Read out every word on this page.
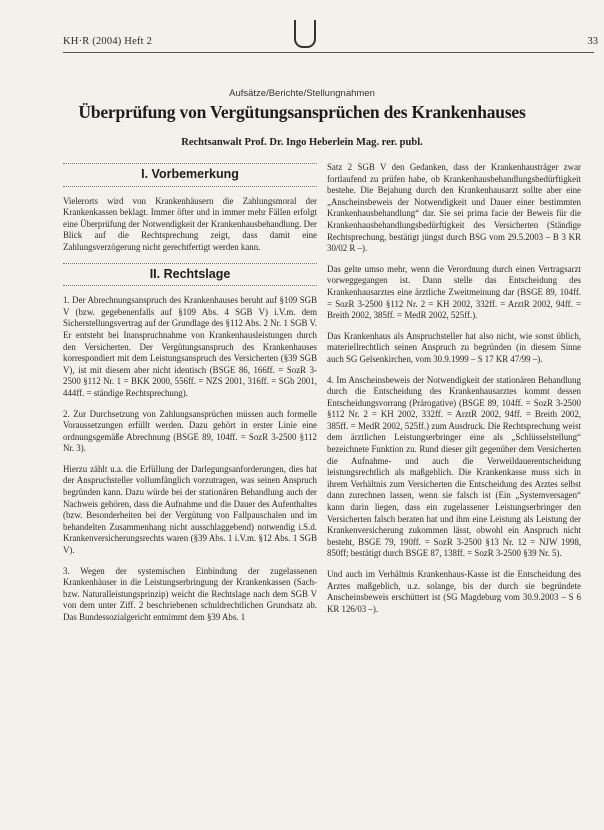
KH·R (2004) Heft 2	33
Aufsätze/Berichte/Stellungnahmen
Überprüfung von Vergütungsansprüchen des Krankenhauses
Rechtsanwalt Prof. Dr. Ingo Heberlein Mag. rer. publ.
I. Vorbemerkung

Vielerorts wird von Krankenhäusern die Zahlungsmoral der Krankenkassen beklagt. Immer öfter und in immer mehr Fällen erfolgt eine Überprüfung der Notwendigkeit der Krankenhausbehandlung. Der Blick auf die Rechtsprechung zeigt, dass damit eine Zahlungsverzögerung nicht gerechtfertigt werden kann.

II. Rechtslage

1. Der Abrechnungsanspruch des Krankenhauses beruht auf §109 SGB V (bzw. gegebenenfalls auf §109 Abs. 4 SGB V) i.V.m. dem Sicherstellungsvertrag auf der Grundlage des §112 Abs. 2 Nr. 1 SGB V. Er entsteht bei Inanspruchnahme von Krankenhausleistungen durch den Versicherten. Der Vergütungsanspruch des Krankenhauses korrespondiert mit dem Leistungsanspruch des Versicherten (§39 SGB V), ist mit diesem aber nicht identisch (BSGE 86, 166ff. = SozR 3-2500 §112 Nr. 1 = BKK 2000, 556ff. = NZS 2001, 316ff. = SGb 2001, 444ff. = ständige Rechtsprechung).

2. Zur Durchsetzung von Zahlungsansprüchen müssen auch formelle Voraussetzungen erfüllt werden. Dazu gehört in erster Linie eine ordnungsgemäße Abrechnung (BSGE 89, 104ff. = SozR 3-2500 §112 Nr. 3).

Hierzu zählt u.a. die Erfüllung der Darlegungsanforderungen, dies hat der Anspruchsteller vollumfänglich vorzutragen, was seinen Anspruch begründen kann. Dazu würde bei der stationären Behandlung auch der Nachweis gehören, dass die Aufnahme und die Dauer des Aufenthaltes (bzw. Besonderheiten bei der Vergütung von Fallpauschalen und im behandelten Zusammenhang nicht ausschlaggebend) notwendig i.S.d. Krankenversicherungsrechts waren (§39 Abs. 1 i.V.m. §12 Abs. 1 SGB V).

3. Wegen der systemischen Einbindung der zugelassenen Krankenhäuser in die Leistungserbringung der Krankenkassen (Sach- bzw. Naturalleistungsprinzip) weicht die Rechtslage nach dem SGB V von dem unter Ziff. 2 beschriebenen schuldrechtlichen Grundsatz ab. Das Bundessozialgericht entnimmt dem §39 Abs. 1

Satz 2 SGB V den Gedanken, dass der Krankenhausträger zwar fortlaufend zu prüfen habe, ob Krankenhausbehandlungsbedürftigkeit bestehe. Die Bejahung durch den Krankenhausarzt sollte aber eine „Anscheinsbeweis der Notwendigkeit und Dauer einer bestimmten Krankenhausbehandlung“ dar. Sie sei prima facie der Beweis für die Krankenhausbehandlungsbedürftigkeit des Versicherten (Ständige Rechtsprechung, bestätigt jüngst durch BSG vom 29.5.2003 – B 3 KR 30/02 R –).

Das gelte umso mehr, wenn die Verordnung durch einen Vertragsarzt vorweggegangen ist. Dann stelle das Entscheidung des Krankenhausarztes eine ärztliche Zweitmeinung dar (BSGE 89, 104ff. = SozR 3-2500 §112 Nr. 2 = KH 2002, 332ff. = ArztR 2002, 94ff. = Breith 2002, 385ff. = MedR 2002, 525ff.).

Das Krankenhaus als Anspruchsteller hat also nicht, wie sonst üblich, materiellrechtlich seinen Anspruch zu begründen (in diesem Sinne auch SG Gelsenkirchen, vom 30.9.1999 – S 17 KR 47/99 –).

4. Im Anscheinsbeweis der Notwendigkeit der stationären Behandlung durch die Entscheidung des Krankenhausarztes kommt dessen Entscheidungsvorrang (Prärogative) (BSGE 89, 104ff. = SozR 3-2500 §112 Nr. 2 = KH 2002, 332ff. = ArztR 2002, 94ff. = Breith 2002, 385ff. = MedR 2002, 525ff.) zum Ausdruck. Die Rechtsprechung weist dem ärztlichen Leistungserbringer eine als „Schlüsselstellung“ bezeichnete Funktion zu. Rund dieser gilt gegenüber dem Versicherten die Aufnahme- und auch die Verweildauerentscheidung leistungsrechtlich als maßgeblich. Die Krankenkasse muss sich in ihrem Verhältnis zum Versicherten die Entscheidung des Arztes selbst dann zurechnen lassen, wenn sie falsch ist (Ein „Systemversagen“ kann darin liegen, dass ein zugelassener Leistungserbringer den Versicherten falsch beraten hat und ihm eine Leistung als Leistung der Krankenversicherung zukommen lässt, obwohl ein Anspruch nicht besteht, BSGE 79, 190ff. = SozR 3-2500 §13 Nr. 12 = NJW 1998, 850ff; bestätigt durch BSGE 87, 138ff. = SozR 3-2500 §39 Nr. 5).

Und auch im Verhältnis Krankenhaus-Kasse ist die Entscheidung des Arztes maßgeblich, u.z. solange, bis der durch sie begründete Anscheinsbeweis erschüttert ist (SG Magdeburg vom 30.9.2003 – S 6 KR 126/03 –).
